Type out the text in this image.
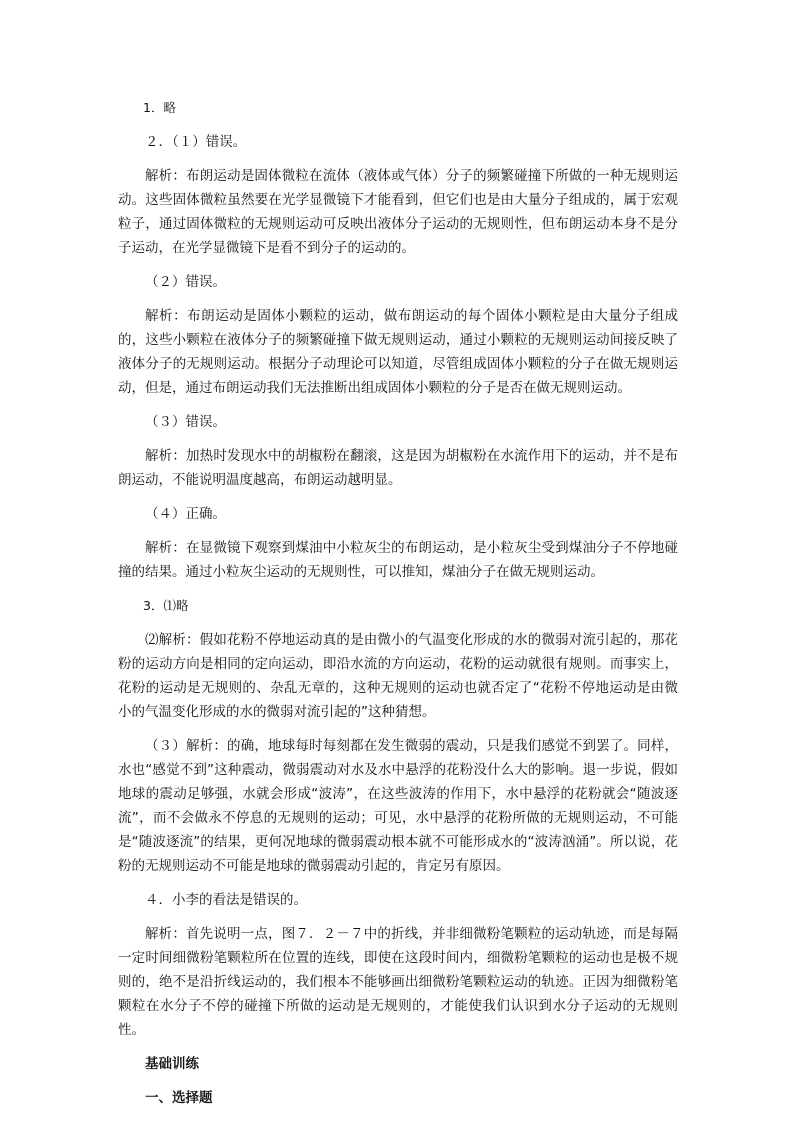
1．略

２．（１）错误。

解析：布朗运动是固体微粒在流体（液体或气体）分子的频繁碰撞下所做的一种无规则运动。这些固体微粒虽然要在光学显微镜下才能看到，但它们也是由大量分子组成的，属于宏观粒子，通过固体微粒的无规则运动可反映出液体分子运动的无规则性，但布朗运动本身不是分子运动，在光学显微镜下是看不到分子的运动的。

（２）错误。

解析：布朗运动是固体小颗粒的运动，做布朗运动的每个固体小颗粒是由大量分子组成的，这些小颗粒在液体分子的频繁碰撞下做无规则运动，通过小颗粒的无规则运动间接反映了液体分子的无规则运动。根据分子动理论可以知道，尽管组成固体小颗粒的分子在做无规则运动，但是，通过布朗运动我们无法推断出组成固体小颗粒的分子是否在做无规则运动。

（３）错误。

解析：加热时发现水中的胡椒粉在翻滚，这是因为胡椒粉在水流作用下的运动，并不是布朗运动，不能说明温度越高，布朗运动越明显。

（４）正确。

解析：在显微镜下观察到煤油中小粒灰尘的布朗运动，是小粒灰尘受到煤油分子不停地碰撞的结果。通过小粒灰尘运动的无规则性，可以推知，煤油分子在做无规则运动。

3．⑴略

⑵解析：假如花粉不停地运动真的是由微小的气温变化形成的水的微弱对流引起的，那花粉的运动方向是相同的定向运动，即沿水流的方向运动，花粉的运动就很有规则。而事实上，花粉的运动是无规则的、杂乱无章的，这种无规则的运动也就否定了“花粉不停地运动是由微小的气温变化形成的水的微弱对流引起的”这种猜想。

（３）解析：的确，地球每时每刻都在发生微弱的震动，只是我们感觉不到罢了。同样，水也“感觉不到”这种震动，微弱震动对水及水中悬浮的花粉没什么大的影响。退一步说，假如地球的震动足够强，水就会形成“波涛”，在这些波涛的作用下，水中悬浮的花粉就会“随波逐流”，而不会做永不停息的无规则的运动；可见，水中悬浮的花粉所做的无规则运动，不可能是“随波逐流”的结果，更何况地球的微弱震动根本就不可能形成水的“波涛汹涌”。所以说，花粉的无规则运动不可能是地球的微弱震动引起的，肯定另有原因。

４．小李的看法是错误的。

解析：首先说明一点，图７．２－７中的折线，并非细微粉笔颗粒的运动轨迹，而是每隔一定时间细微粉笔颗粒所在位置的连线，即使在这段时间内，细微粉笔颗粒的运动也是极不规则的，绝不是沿折线运动的，我们根本不能够画出细微粉笔颗粒运动的轨迹。正因为细微粉笔颗粒在水分子不停的碰撞下所做的运动是无规则的，才能使我们认识到水分子运动的无规则性。

基础训练
一、选择题
